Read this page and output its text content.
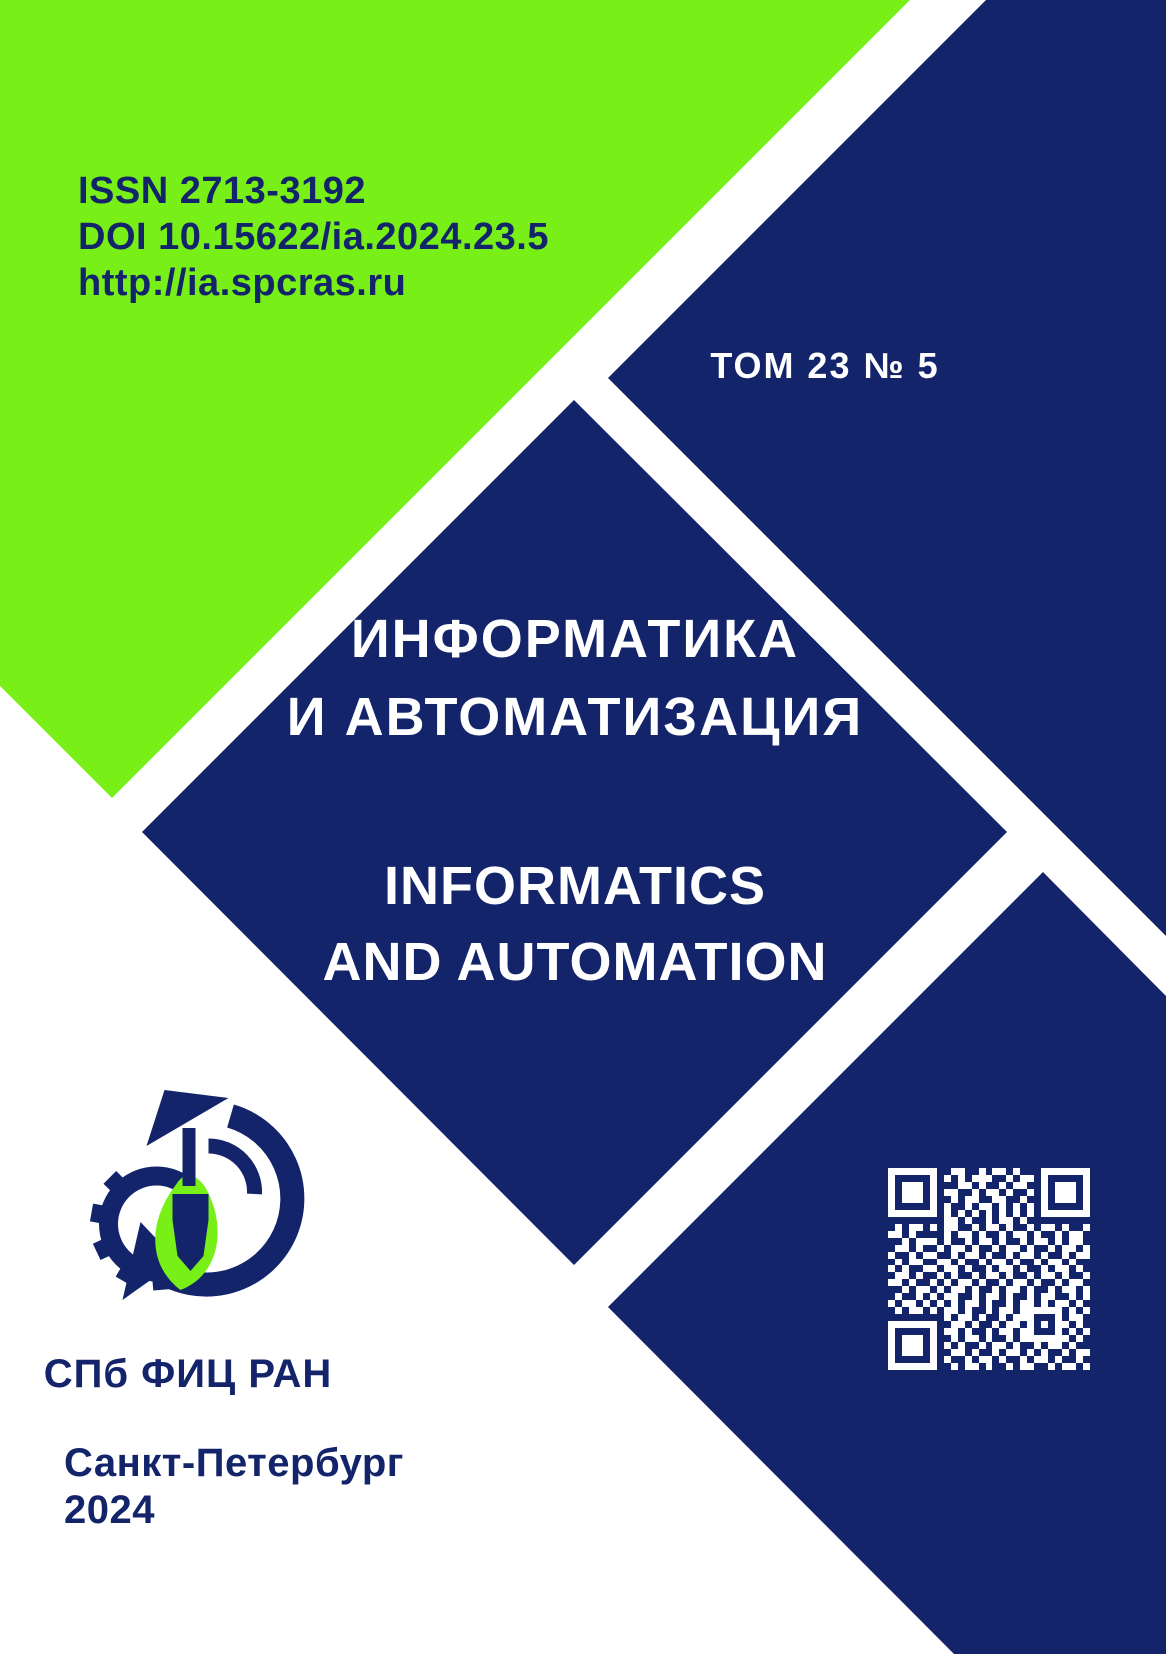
ISSN 2713-3192
DOI 10.15622/ia.2024.23.5
http://ia.spcras.ru
ТОМ 23 № 5
ИНФОРМАТИКА
И АВТОМАТИЗАЦИЯ
INFORMATICS
AND AUTOMATION
СПб ФИЦ РАН
Санкт-Петербург
2024
